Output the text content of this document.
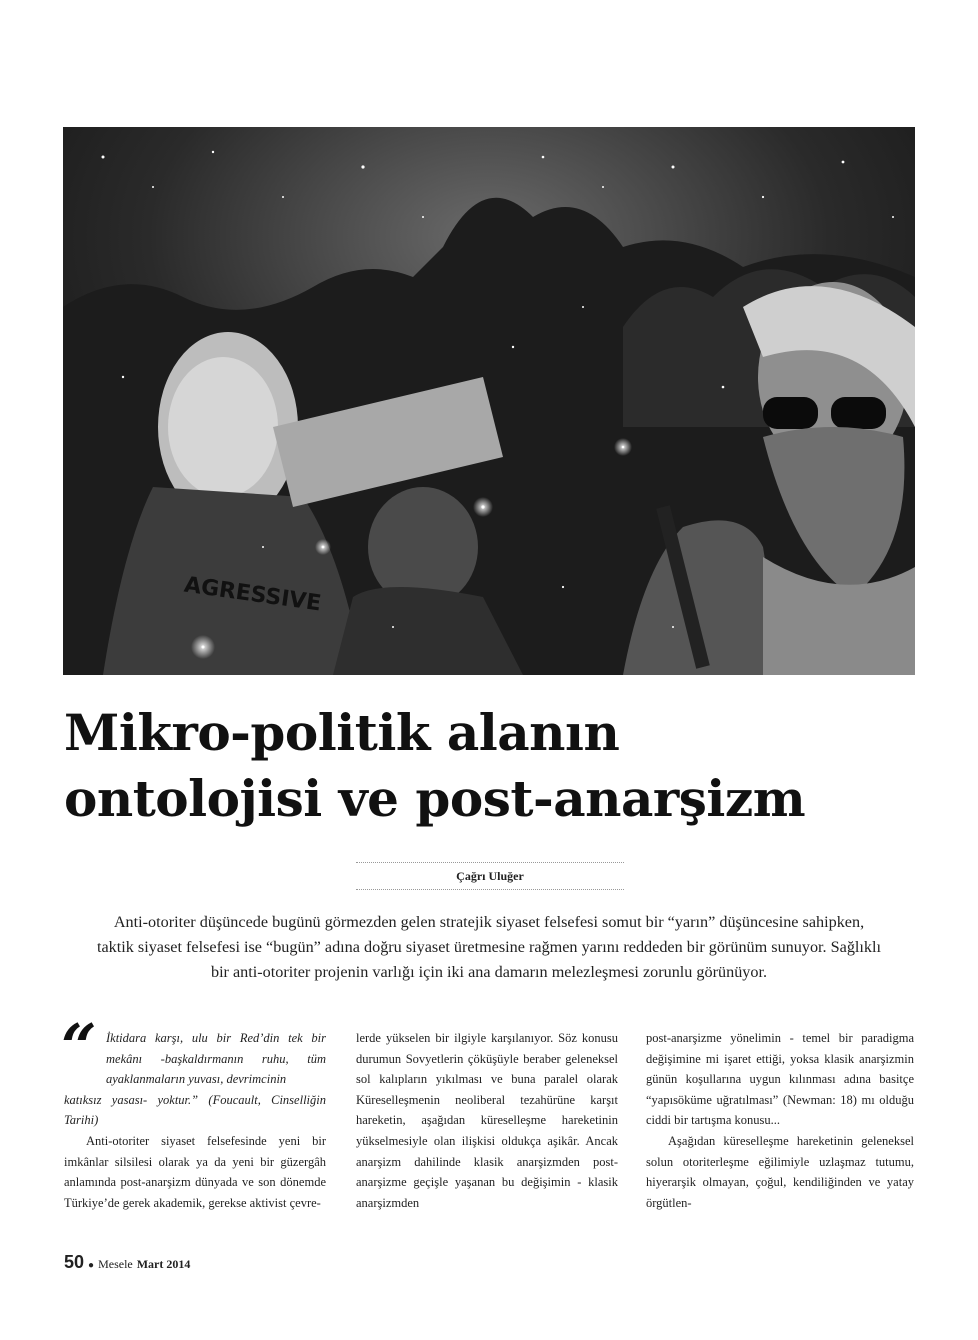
AGRESSIVE
Mikro-politik alanın
ontolojisi ve post-anarşizm
Çağrı Uluğer
Anti-otoriter düşüncede bugünü görmezden gelen stratejik siyaset felsefesi somut bir “yarın” düşüncesine sahipken, taktik siyaset felsefesi ise “bugün” adına doğru siyaset üretmesine rağmen yarını reddeden bir görünüm sunuyor. Sağlıklı bir anti-otoriter projenin varlığı için iki ana damarın melezleşmesi zorunlu görünüyor.
“ İktidara karşı, ulu bir Red’din tek bir mekânı -başkaldırmanın ruhu, tüm ayaklanmaların yuvası, devrimcinin
katıksız yasası- yoktur.” (Foucault, Cinselliğin Tarihi)

Anti-otoriter siyaset felsefesinde yeni bir imkânlar silsilesi olarak ya da yeni bir güzergâh anlamında post-anarşizm dünyada ve son dönemde Türkiye’de gerek akademik, gerekse aktivist çevre-

lerde yükselen bir ilgiyle karşılanıyor. Söz konusu durumun Sovyetlerin çöküşüyle beraber geleneksel sol kalıpların yıkılması ve buna paralel olarak Küreselleşmenin neoliberal tezahürüne karşıt hareketin, aşağıdan küreselleşme hareketinin yükselmesiyle olan ilişkisi oldukça aşikâr. Ancak anarşizm dahilinde klasik anarşizmden post-anarşizme geçişle yaşanan bu değişimin - klasik anarşizmden

post-anarşizme yönelimin - temel bir paradigma değişimine mi işaret ettiği, yoksa klasik anarşizmin günün koşullarına uygun kılınması adına basitçe “yapısöküme uğratılması” (Newman: 18) mı olduğu ciddi bir tartışma konusu...

Aşağıdan küreselleşme hareketinin geleneksel solun otoriterleşme eğilimiyle uzlaşmaz tutumu, hiyerarşik olmayan, çoğul, kendiliğinden ve yatay örgütlen-

50 ● Mesele Mart 2014
